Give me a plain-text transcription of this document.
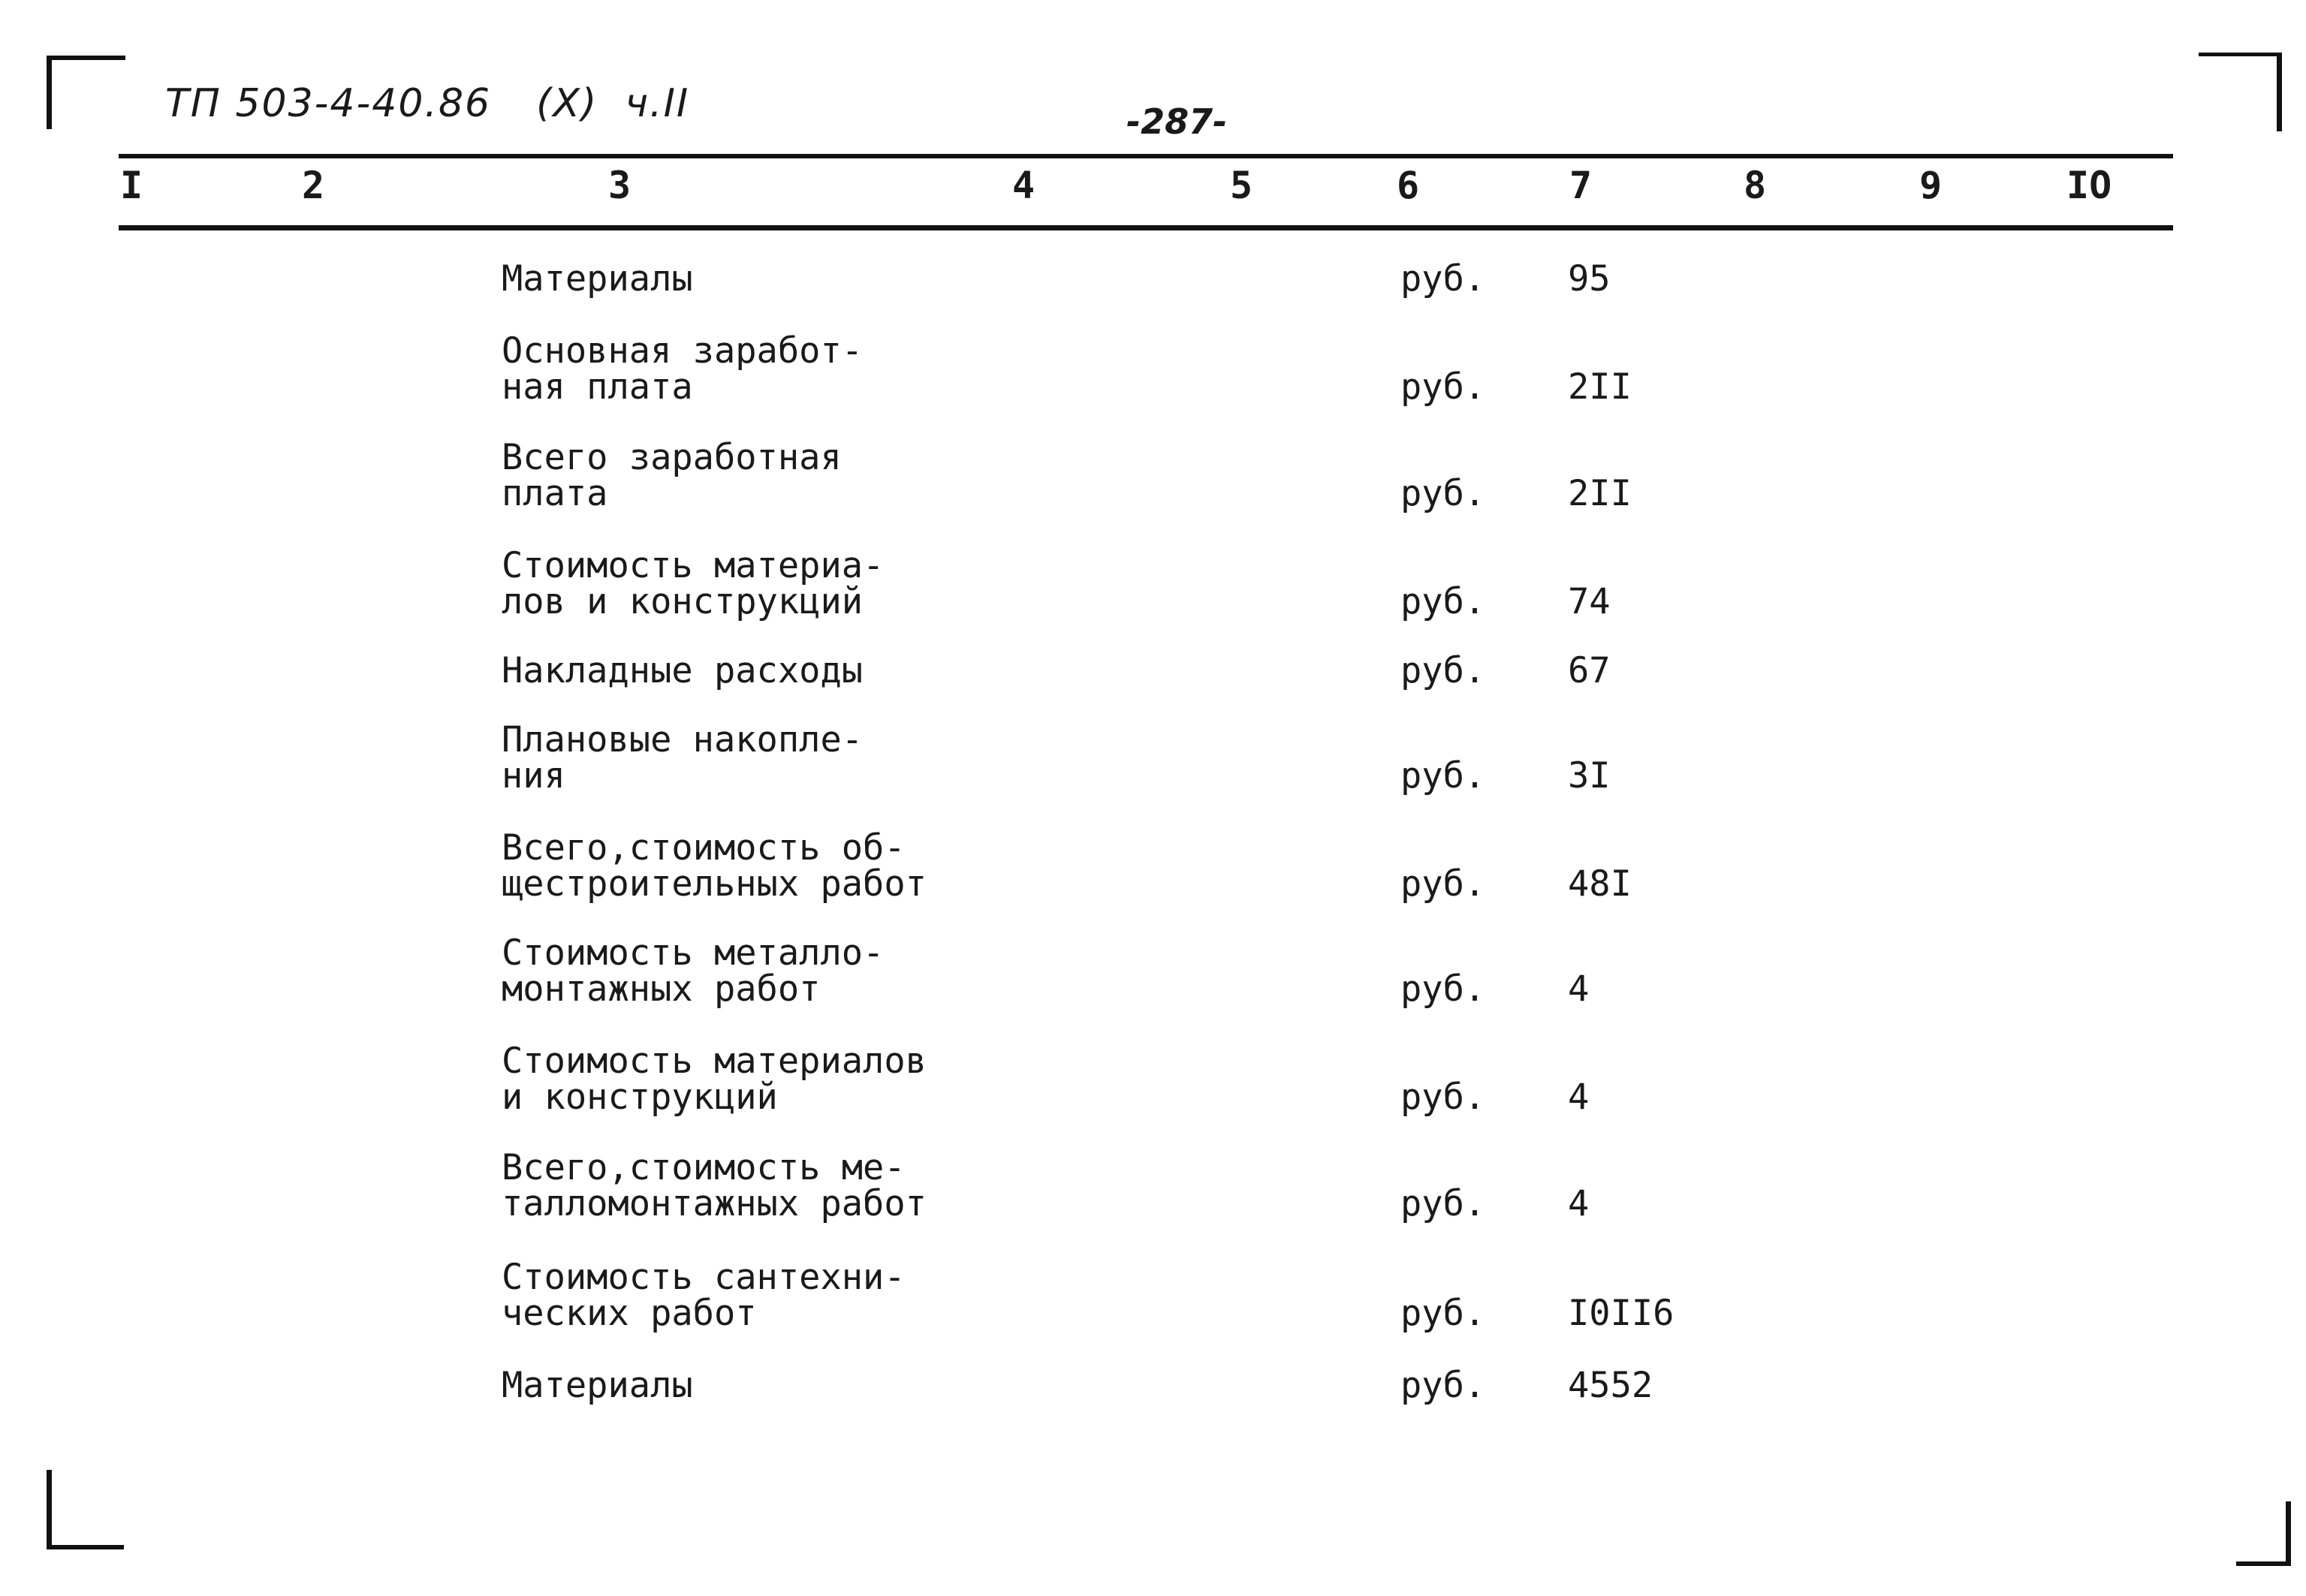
ТП 503-4-40.86 (Х) ч.II	-287-
I	2	3	4	5	6	7	8	9	IO
Материалы	руб. 95
Основная заработ-
ная плата	руб. 2II
Всего заработная
плата	руб. 2II
Стоимость материа-
лов и конструкций	руб. 74
Накладные расходы	руб. 67
Плановые накопле-
ния	руб. 3I
Всего,стоимость об-
щестроительных работ	руб. 48I
Стоимость металло-
монтажных работ	руб. 4
Стоимость материалов
и конструкций	руб. 4
Всего,стоимость ме-
талломонтажных работ	руб. 4
Стоимость сантехни-
ческих работ	руб. I0II6
Материалы	руб. 4552
